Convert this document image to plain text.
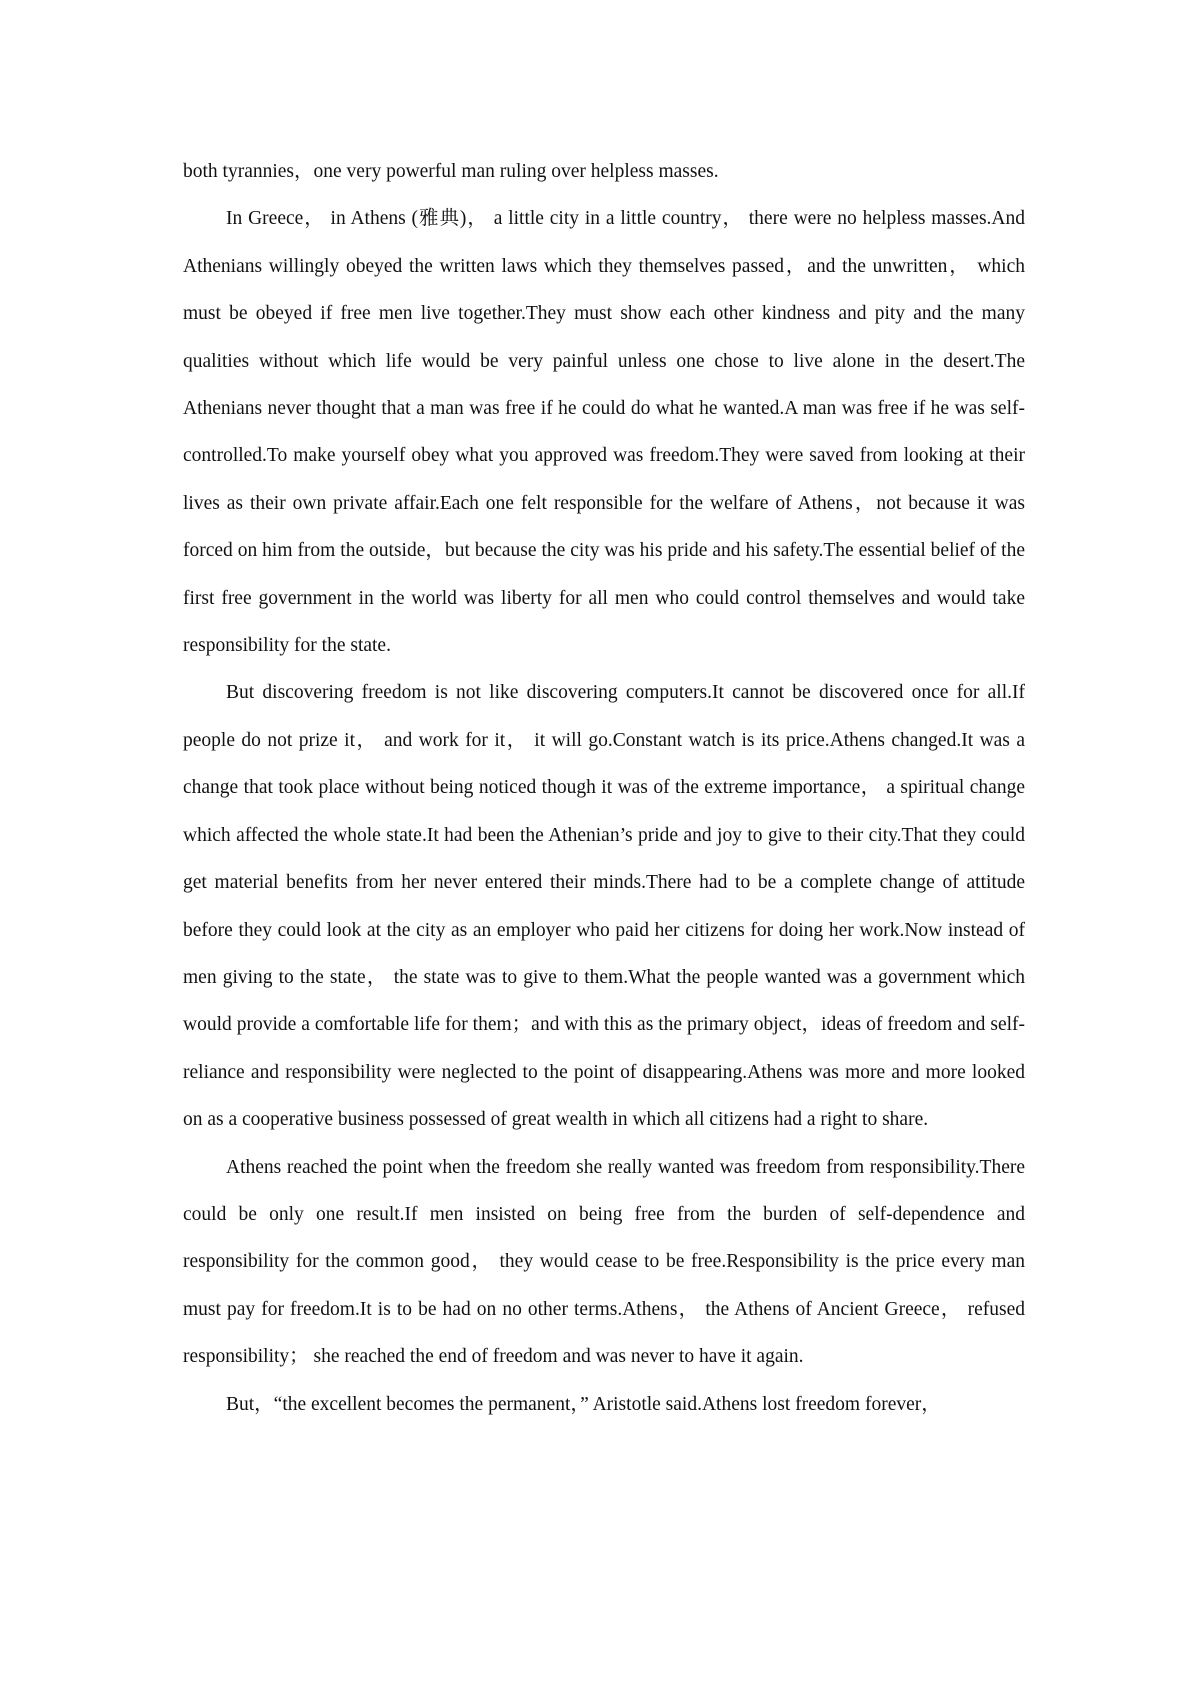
both tyrannies，one very powerful man ruling over helpless masses.

In Greece， in Athens (雅典)， a little city in a little country， there were no helpless masses.And Athenians willingly obeyed the written laws which they themselves passed，and the unwritten， which must be obeyed if free men live together.They must show each other kindness and pity and the many qualities without which life would be very painful unless one chose to live alone in the desert.The Athenians never thought that a man was free if he could do what he wanted.A man was free if he was self-controlled.To make yourself obey what you approved was freedom.They were saved from looking at their lives as their own private affair.Each one felt responsible for the welfare of Athens，not because it was forced on him from the outside，but because the city was his pride and his safety.The essential belief of the first free government in the world was liberty for all men who could control themselves and would take responsibility for the state.

But discovering freedom is not like discovering computers.It cannot be discovered once for all.If people do not prize it， and work for it， it will go.Constant watch is its price.Athens changed.It was a change that took place without being noticed though it was of the extreme importance， a spiritual change which affected the whole state.It had been the Athenian’s pride and joy to give to their city.That they could get material benefits from her never entered their minds.There had to be a complete change of attitude before they could look at the city as an employer who paid her citizens for doing her work.Now instead of men giving to the state， the state was to give to them.What the people wanted was a government which would provide a comfortable life for them；and with this as the primary object，ideas of freedom and self-reliance and responsibility were neglected to the point of disappearing.Athens was more and more looked on as a cooperative business possessed of great wealth in which all citizens had a right to share.

Athens reached the point when the freedom she really wanted was freedom from responsibility.There could be only one result.If men insisted on being free from the burden of self-dependence and responsibility for the common good， they would cease to be free.Responsibility is the price every man must pay for freedom.It is to be had on no other terms.Athens， the Athens of Ancient Greece， refused responsibility； she reached the end of freedom and was never to have it again.

But，“the excellent becomes the permanent，” Aristotle said.Athens lost freedom forever，
